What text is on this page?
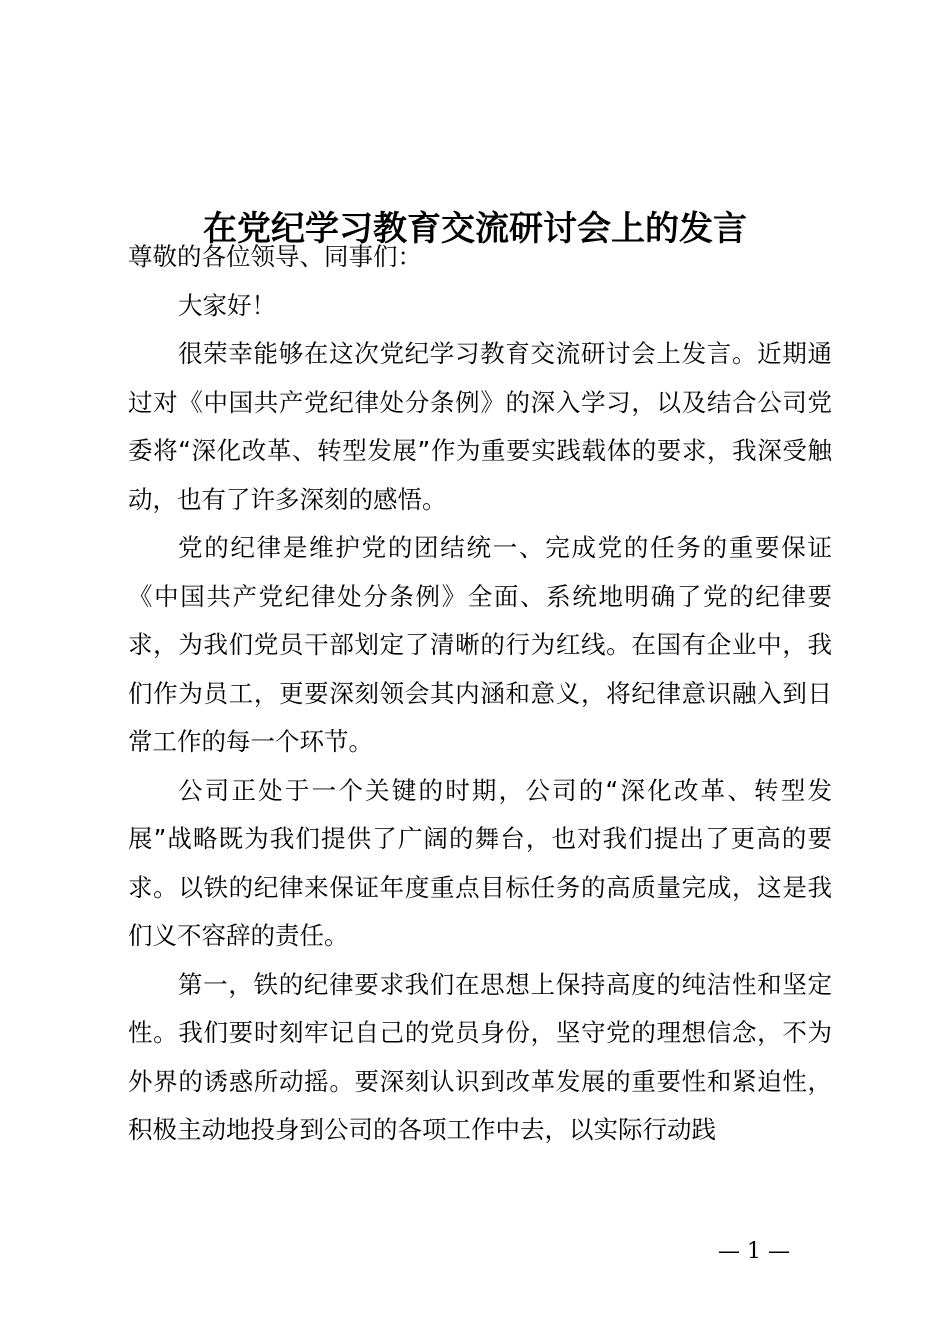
在党纪学习教育交流研讨会上的发言

尊敬的各位领导、同事们：

大家好！

很荣幸能够在这次党纪学习教育交流研讨会上发言。近期通过对《中国共产党纪律处分条例》的深入学习，以及结合公司党委将“深化改革、转型发展”作为重要实践载体的要求，我深受触动，也有了许多深刻的感悟。

党的纪律是维护党的团结统一、完成党的任务的重要保证《中国共产党纪律处分条例》全面、系统地明确了党的纪律要求，为我们党员干部划定了清晰的行为红线。在国有企业中，我们作为员工，更要深刻领会其内涵和意义，将纪律意识融入到日常工作的每一个环节。

公司正处于一个关键的时期，公司的“深化改革、转型发展”战略既为我们提供了广阔的舞台，也对我们提出了更高的要求。以铁的纪律来保证年度重点目标任务的高质量完成，这是我们义不容辞的责任。

第一，铁的纪律要求我们在思想上保持高度的纯洁性和坚定性。我们要时刻牢记自己的党员身份，坚守党的理想信念，不为外界的诱惑所动摇。要深刻认识到改革发展的重要性和紧迫性，积极主动地投身到公司的各项工作中去，以实际行动践

— 1 —
